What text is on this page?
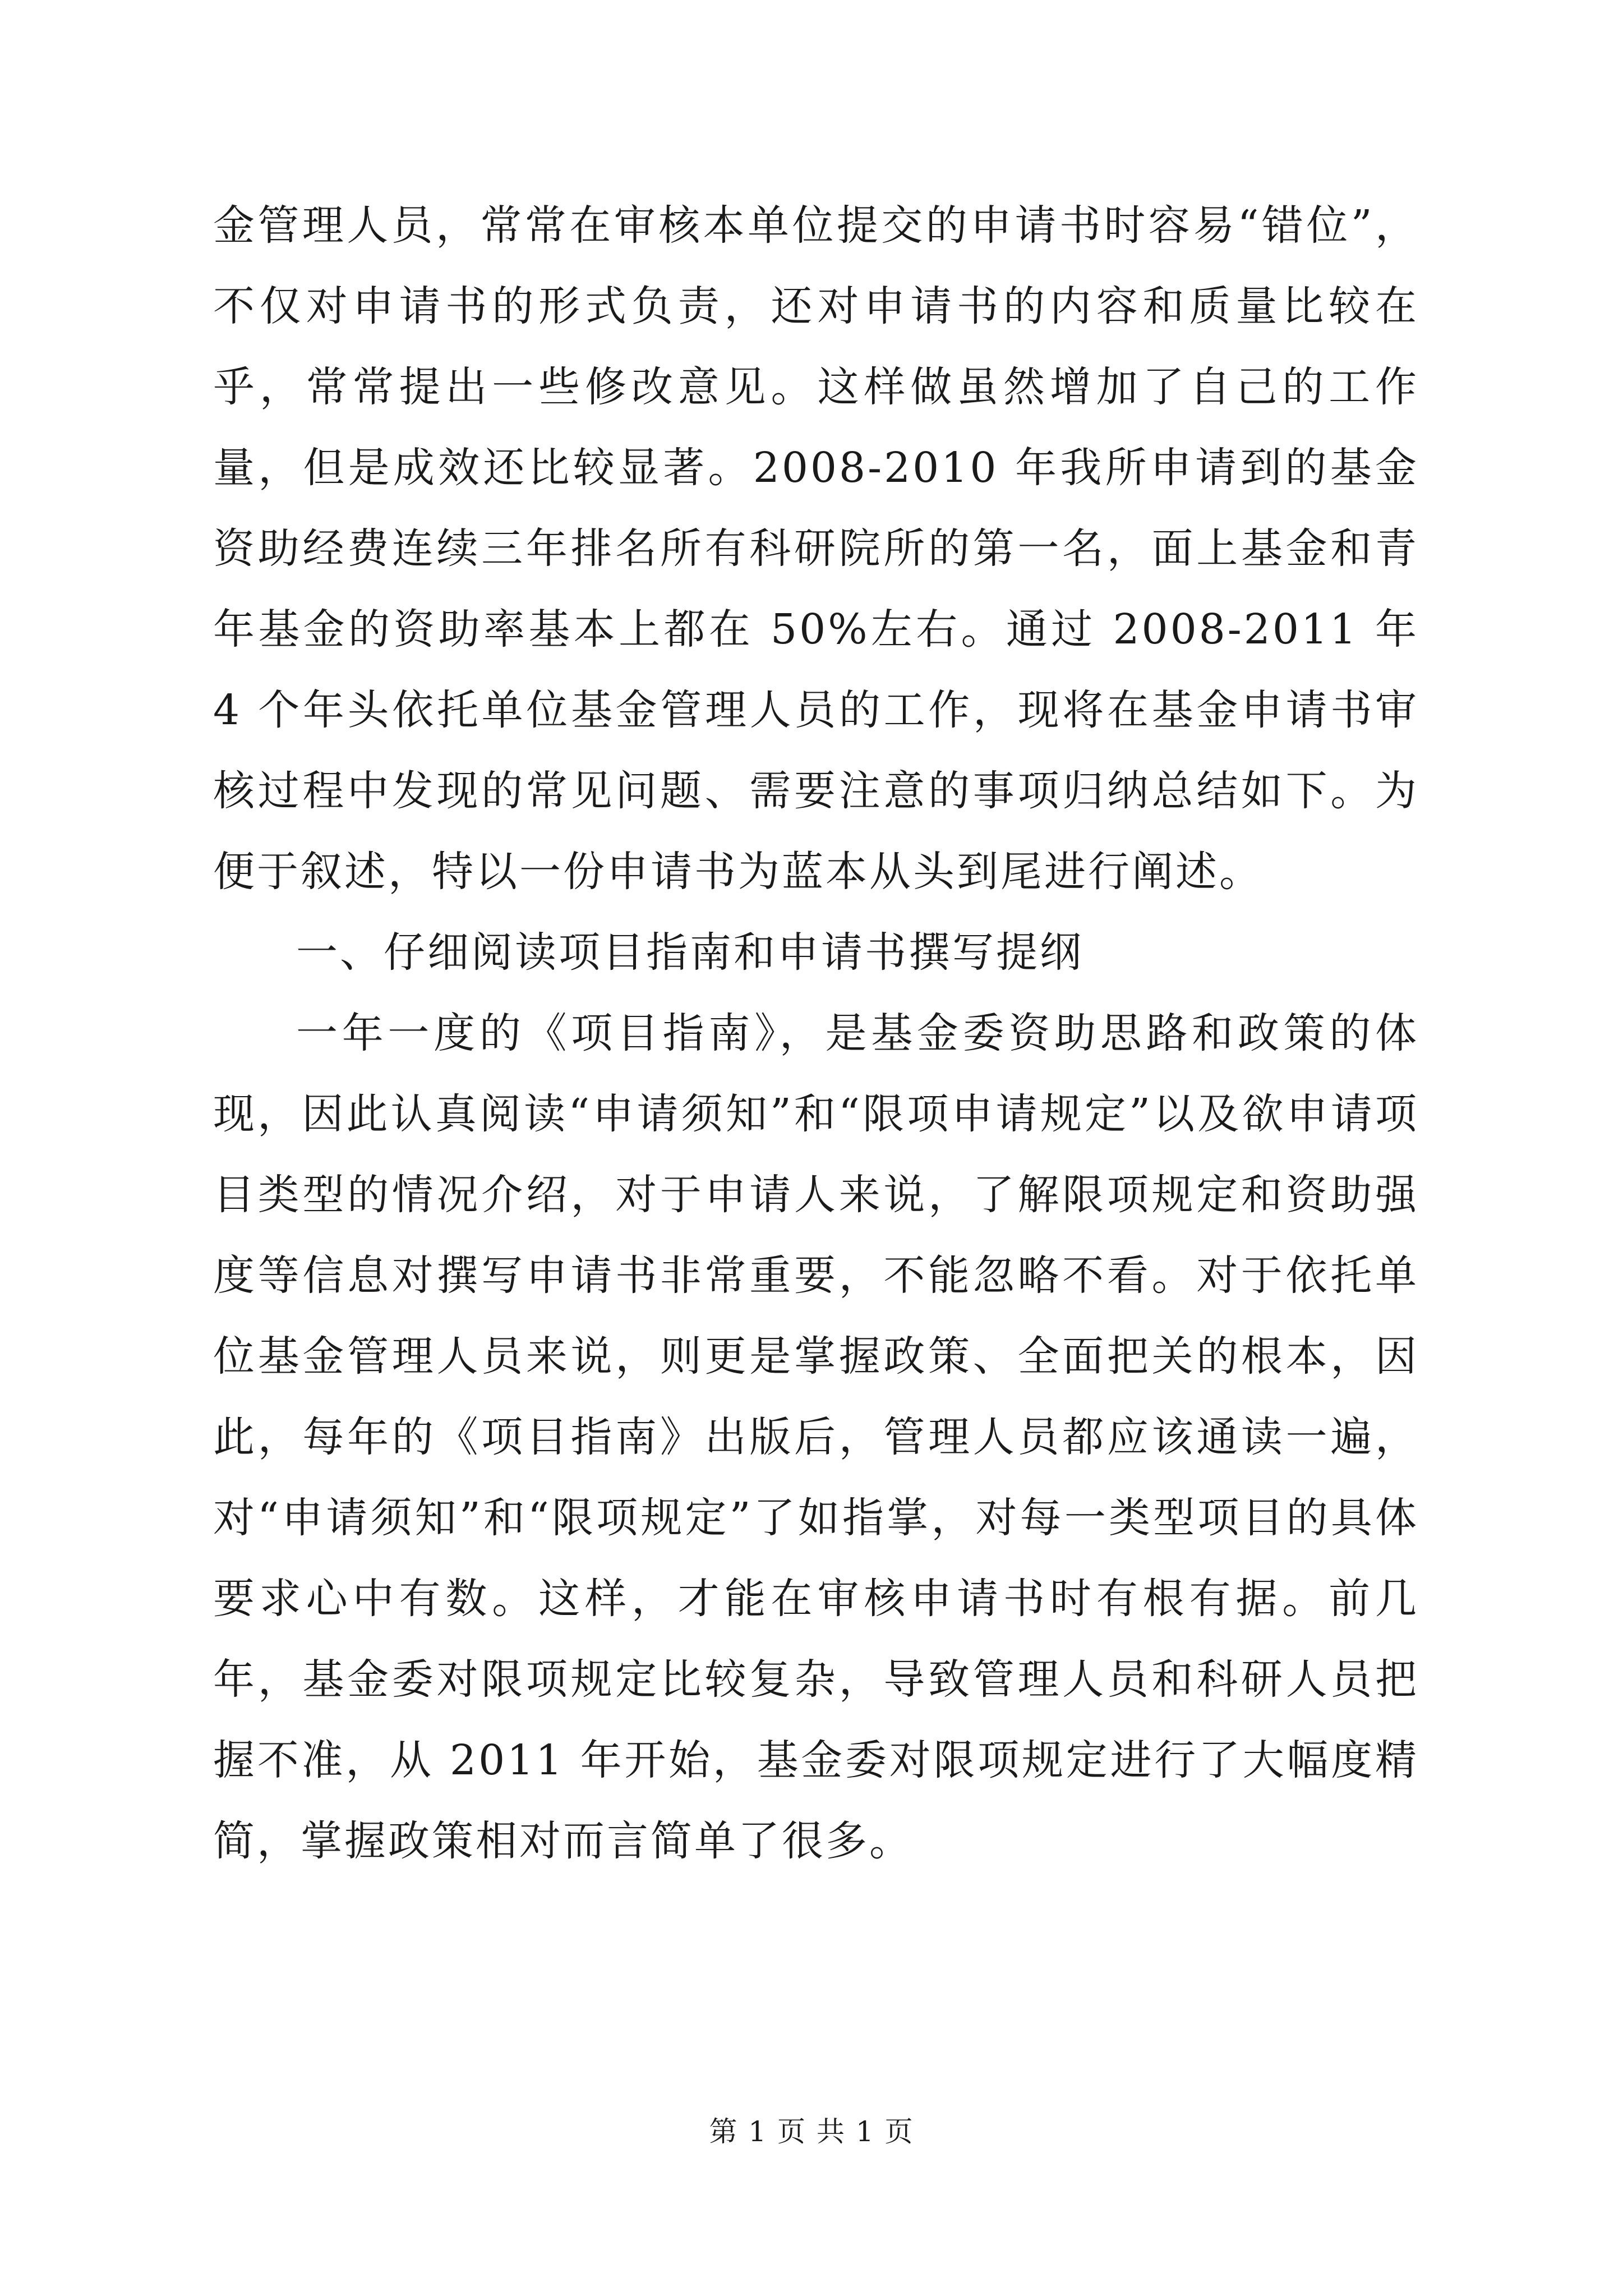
金管理人员，常常在审核本单位提交的申请书时容易“错位”，不仅对申请书的形式负责，还对申请书的内容和质量比较在乎，常常提出一些修改意见。这样做虽然增加了自己的工作量，但是成效还比较显著。2008-2010 年我所申请到的基金资助经费连续三年排名所有科研院所的第一名，面上基金和青年基金的资助率基本上都在 50%左右。通过 2008-2011 年 4 个年头依托单位基金管理人员的工作，现将在基金申请书审核过程中发现的常见问题、需要注意的事项归纳总结如下。为便于叙述，特以一份申请书为蓝本从头到尾进行阐述。

一、仔细阅读项目指南和申请书撰写提纲

一年一度的《项目指南》，是基金委资助思路和政策的体现，因此认真阅读“申请须知”和“限项申请规定”以及欲申请项目类型的情况介绍，对于申请人来说，了解限项规定和资助强度等信息对撰写申请书非常重要，不能忽略不看。对于依托单位基金管理人员来说，则更是掌握政策、全面把关的根本，因此，每年的《项目指南》出版后，管理人员都应该通读一遍，对“申请须知”和“限项规定”了如指掌，对每一类型项目的具体要求心中有数。这样，才能在审核申请书时有根有据。前几年，基金委对限项规定比较复杂，导致管理人员和科研人员把握不准，从 2011 年开始，基金委对限项规定进行了大幅度精简，掌握政策相对而言简单了很多。

第 1 页 共 1 页
